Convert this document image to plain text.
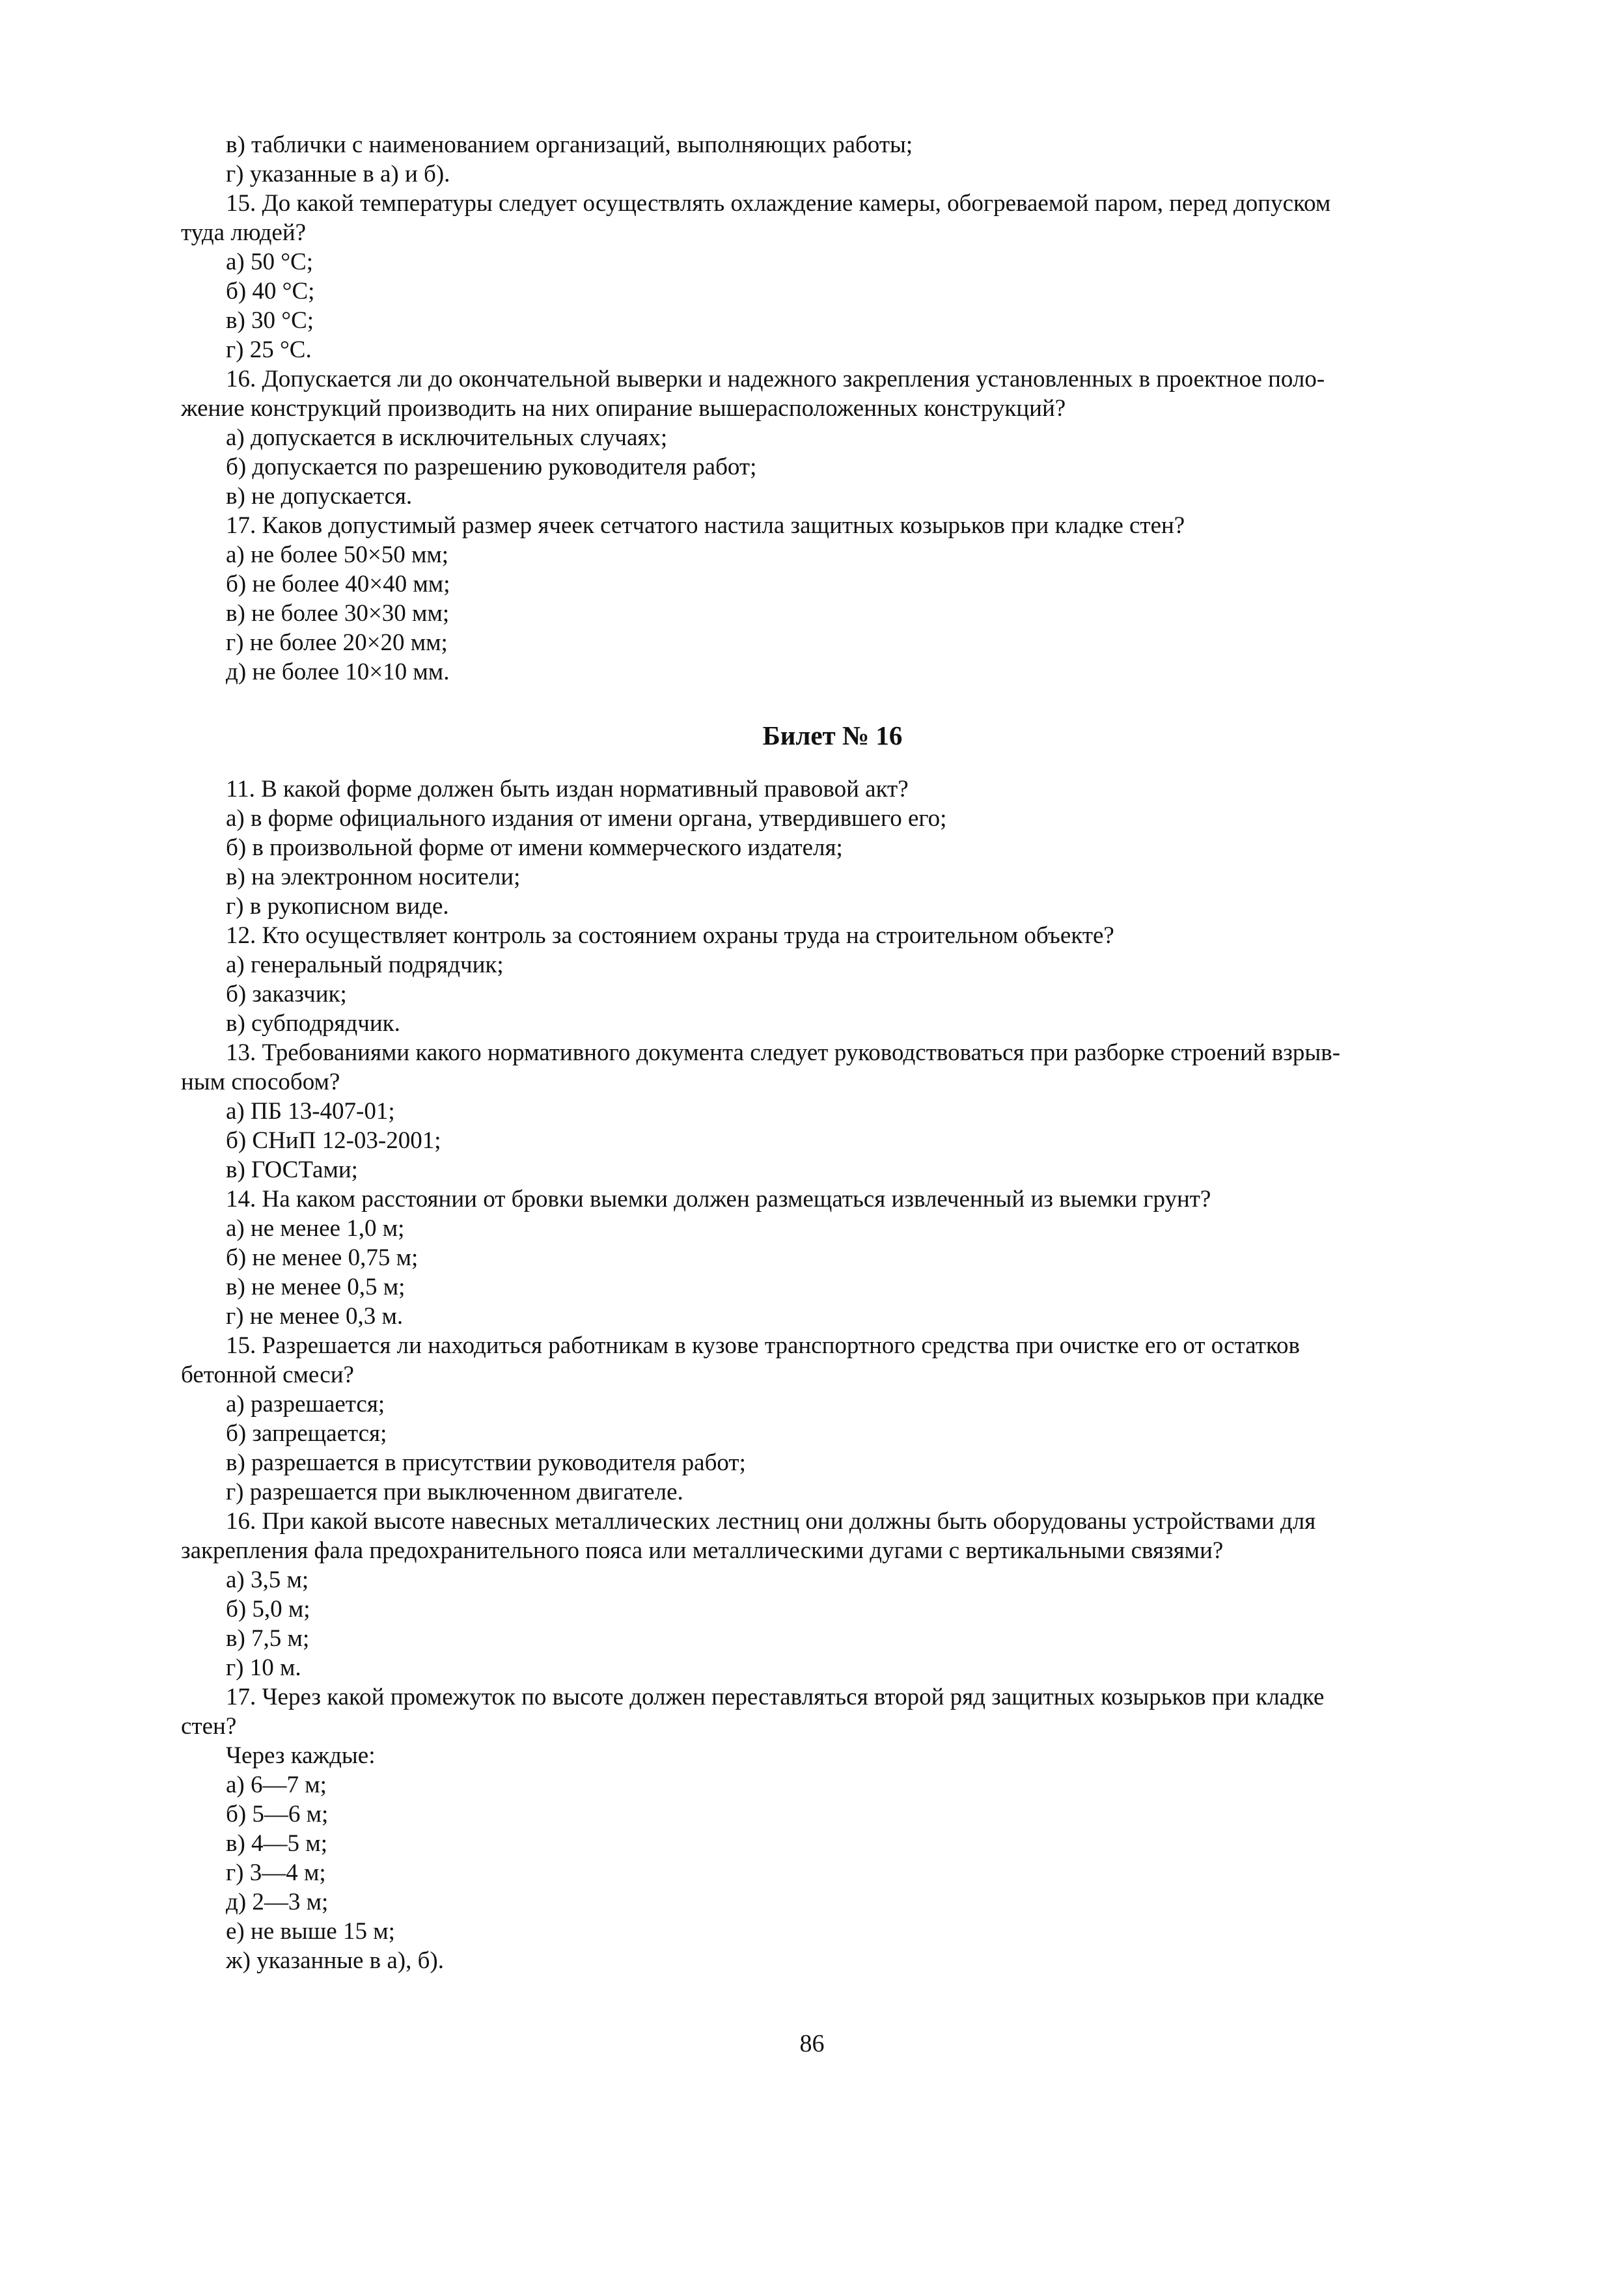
в) таблички с наименованием организаций, выполняющих работы;
г) указанные в а) и б).
15. До какой температуры следует осуществлять охлаждение камеры, обогреваемой паром, перед допуском
туда людей?
а) 50 °С;
б) 40 °С;
в) 30 °С;
г) 25 °С.
16. Допускается ли до окончательной выверки и надежного закрепления установленных в проектное поло-
жение конструкций производить на них опирание вышерасположенных конструкций?
а) допускается в исключительных случаях;
б) допускается по разрешению руководителя работ;
в) не допускается.
17. Каков допустимый размер ячеек сетчатого настила защитных козырьков при кладке стен?
а) не более 50×50 мм;
б) не более 40×40 мм;
в) не более 30×30 мм;
г) не более 20×20 мм;
д) не более 10×10 мм.
Билет № 16
11. В какой форме должен быть издан нормативный правовой акт?
а) в форме официального издания от имени органа, утвердившего его;
б) в произвольной форме от имени коммерческого издателя;
в) на электронном носители;
г) в рукописном виде.
12. Кто осуществляет контроль за состоянием охраны труда на строительном объекте?
а) генеральный подрядчик;
б) заказчик;
в) субподрядчик.
13. Требованиями какого нормативного документа следует руководствоваться при разборке строений взрыв-
ным способом?
а) ПБ 13-407-01;
б) СНиП 12-03-2001;
в) ГОСТами;
14. На каком расстоянии от бровки выемки должен размещаться извлеченный из выемки грунт?
а) не менее 1,0 м;
б) не менее 0,75 м;
в) не менее 0,5 м;
г) не менее 0,3 м.
15. Разрешается ли находиться работникам в кузове транспортного средства при очистке его от остатков
бетонной смеси?
а) разрешается;
б) запрещается;
в) разрешается в присутствии руководителя работ;
г) разрешается при выключенном двигателе.
16. При какой высоте навесных металлических лестниц они должны быть оборудованы устройствами для
закрепления фала предохранительного пояса или металлическими дугами с вертикальными связями?
а) 3,5 м;
б) 5,0 м;
в) 7,5 м;
г) 10 м.
17. Через какой промежуток по высоте должен переставляться второй ряд защитных козырьков при кладке
стен?
Через каждые:
а) 6—7 м;
б) 5—6 м;
в) 4—5 м;
г) 3—4 м;
д) 2—3 м;
е) не выше 15 м;
ж) указанные в а), б).
86
